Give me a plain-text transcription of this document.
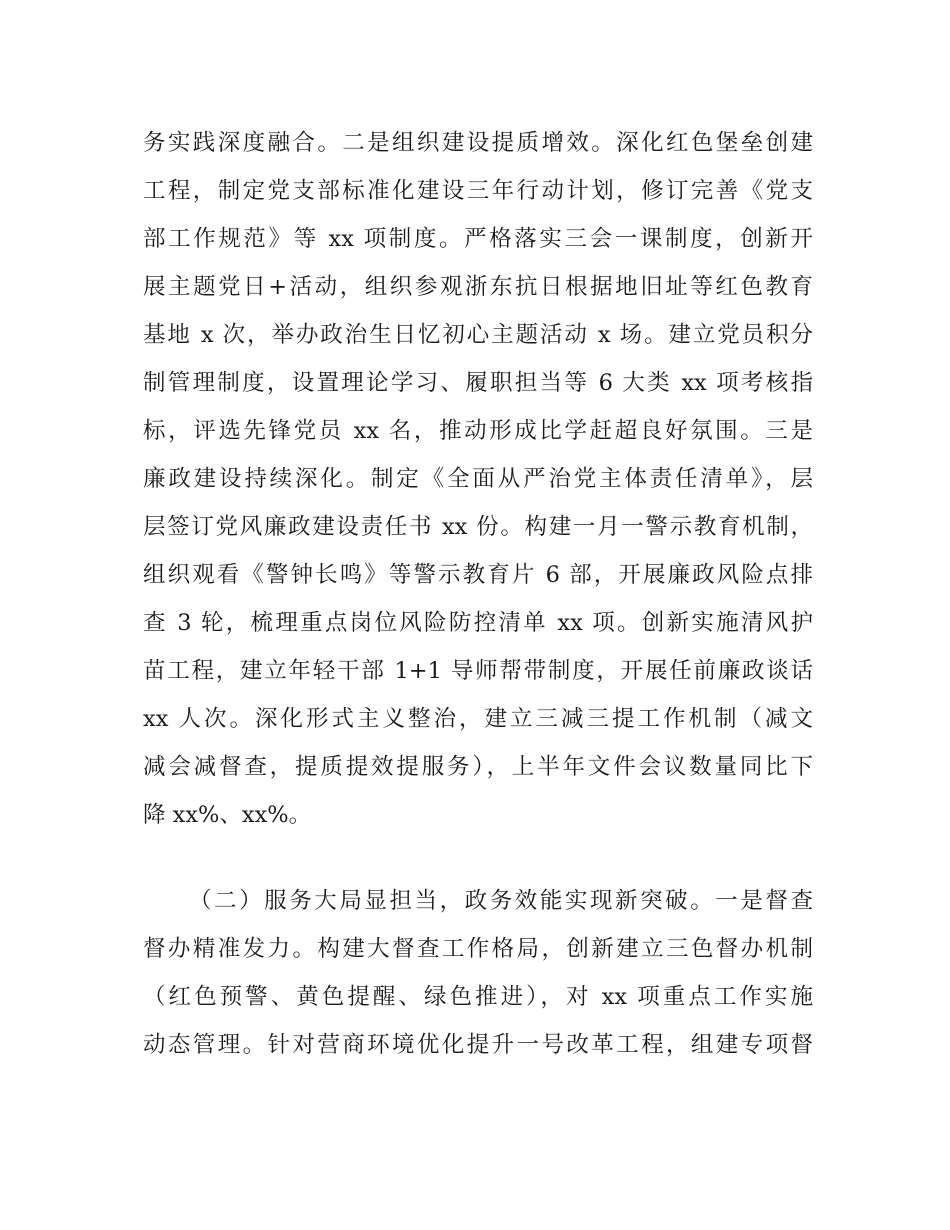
务实践深度融合。二是组织建设提质增效。深化红色堡垒创建
工程，制定党支部标准化建设三年行动计划，修订完善《党支
部工作规范》等 xx 项制度。严格落实三会一课制度，创新开
展主题党日+活动，组织参观浙东抗日根据地旧址等红色教育
基地 x 次，举办政治生日忆初心主题活动 x 场。建立党员积分
制管理制度，设置理论学习、履职担当等 6 大类 xx 项考核指
标，评选先锋党员 xx 名，推动形成比学赶超良好氛围。三是
廉政建设持续深化。制定《全面从严治党主体责任清单》，层
层签订党风廉政建设责任书 xx 份。构建一月一警示教育机制，
组织观看《警钟长鸣》等警示教育片 6 部，开展廉政风险点排
查 3 轮，梳理重点岗位风险防控清单 xx 项。创新实施清风护
苗工程，建立年轻干部 1+1 导师帮带制度，开展任前廉政谈话
xx 人次。深化形式主义整治，建立三减三提工作机制（减文
减会减督查，提质提效提服务），上半年文件会议数量同比下
降 xx%、xx%。
（二）服务大局显担当，政务效能实现新突破。一是督查
督办精准发力。构建大督查工作格局，创新建立三色督办机制
（红色预警、黄色提醒、绿色推进），对 xx 项重点工作实施
动态管理。针对营商环境优化提升一号改革工程，组建专项督
